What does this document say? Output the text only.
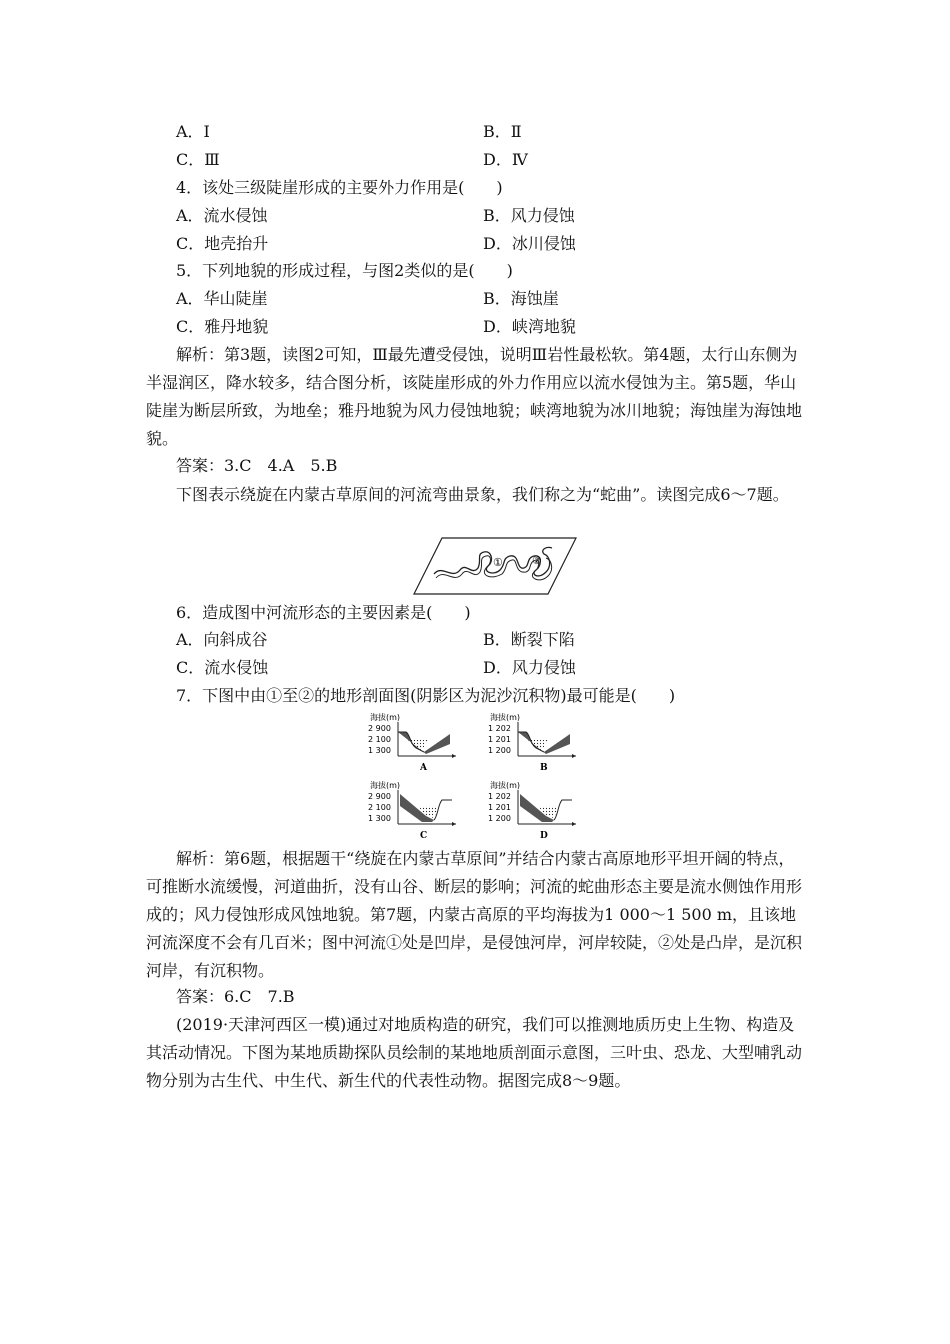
A．Ⅰ	B．Ⅱ
C．Ⅲ	D．Ⅳ
4．该处三级陡崖形成的主要外力作用是(　　)
A．流水侵蚀	B．风力侵蚀
C．地壳抬升	D．冰川侵蚀
5．下列地貌的形成过程，与图2类似的是(　　)
A．华山陡崖	B．海蚀崖
C．雅丹地貌	D．峡湾地貌
解析：第3题，读图2可知，Ⅲ最先遭受侵蚀，说明Ⅲ岩性最松软。第4题，太行山东侧为半湿润区，降水较多，结合图分析，该陡崖形成的外力作用应以流水侵蚀为主。第5题，华山陡崖为断层所致，为地垒；雅丹地貌为风力侵蚀地貌；峡湾地貌为冰川地貌；海蚀崖为海蚀地貌。
答案：3.C　4.A　5.B
下图表示绕旋在内蒙古草原间的河流弯曲景象，我们称之为“蛇曲”。读图完成6～7题。
①	②
6．造成图中河流形态的主要因素是(　　)
A．向斜成谷	B．断裂下陷
C．流水侵蚀	D．风力侵蚀
7．下图中由①至②的地形剖面图(阴影区为泥沙沉积物)最可能是(　　)
海拔(m)
2 900
2 100
1 300
A
海拔(m)
1 202
1 201
1 200
B
海拔(m)
2 900
2 100
1 300
C
海拔(m)
1 202
1 201
1 200
D
解析：第6题，根据题干“绕旋在内蒙古草原间”并结合内蒙古高原地形平坦开阔的特点，可推断水流缓慢，河道曲折，没有山谷、断层的影响；河流的蛇曲形态主要是流水侧蚀作用形成的；风力侵蚀形成风蚀地貌。第7题，内蒙古高原的平均海拔为1 000～1 500 m，且该地河流深度不会有几百米；图中河流①处是凹岸，是侵蚀河岸，河岸较陡，②处是凸岸，是沉积河岸，有沉积物。
答案：6.C　7.B
(2019·天津河西区一模)通过对地质构造的研究，我们可以推测地质历史上生物、构造及其活动情况。下图为某地质勘探队员绘制的某地地质剖面示意图，三叶虫、恐龙、大型哺乳动物分别为古生代、中生代、新生代的代表性动物。据图完成8～9题。
